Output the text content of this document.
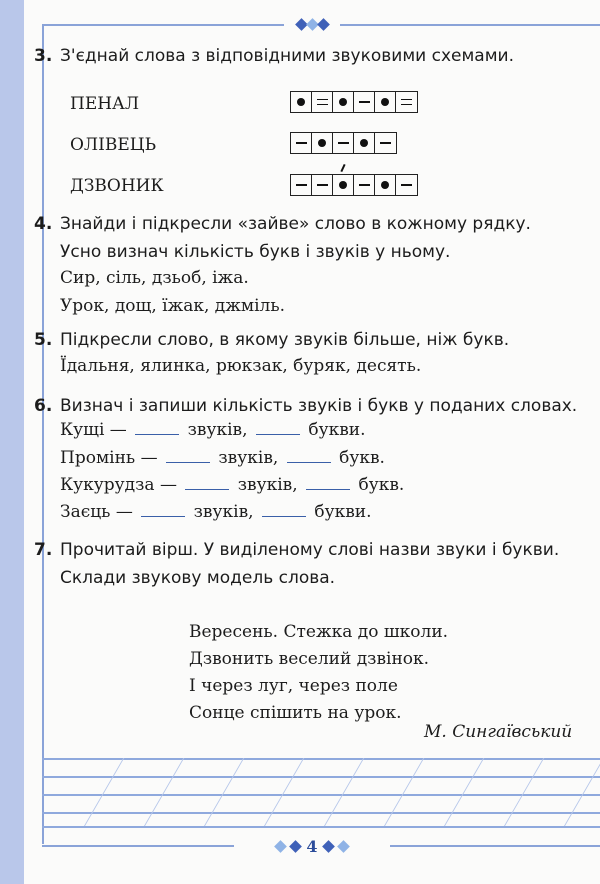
3. З'єднай слова з відповідними звуковими схемами.
ПЕНАЛ
ОЛІВЕЦЬ
ДЗВОНИК
4. Знайди і підкресли «зайве» слово в кожному рядку.
Усно визнач кількість букв і звуків у ньому.
Сир, сіль, дзьоб, іжа.
Урок, дощ, їжак, джміль.
5. Підкресли слово, в якому звуків більше, ніж букв.
Їдальня, ялинка, рюкзак, буряк, десять.
6. Визнач і запиши кількість звуків і букв у поданих словах.
Кущі —	звуків,	букви.
Промінь —	звуків,	букв.
Кукурудза —	звуків,	букв.
Заєць —	звуків,	букви.
7. Прочитай вірш. У виділеному слові назви звуки і букви.
Склади звукову модель слова.
Вересень. Стежка до школи.
Дзвонить веселий дзвінок.
І через луг, через поле
Сонце спішить на урок.
М. Сингаївський
4
